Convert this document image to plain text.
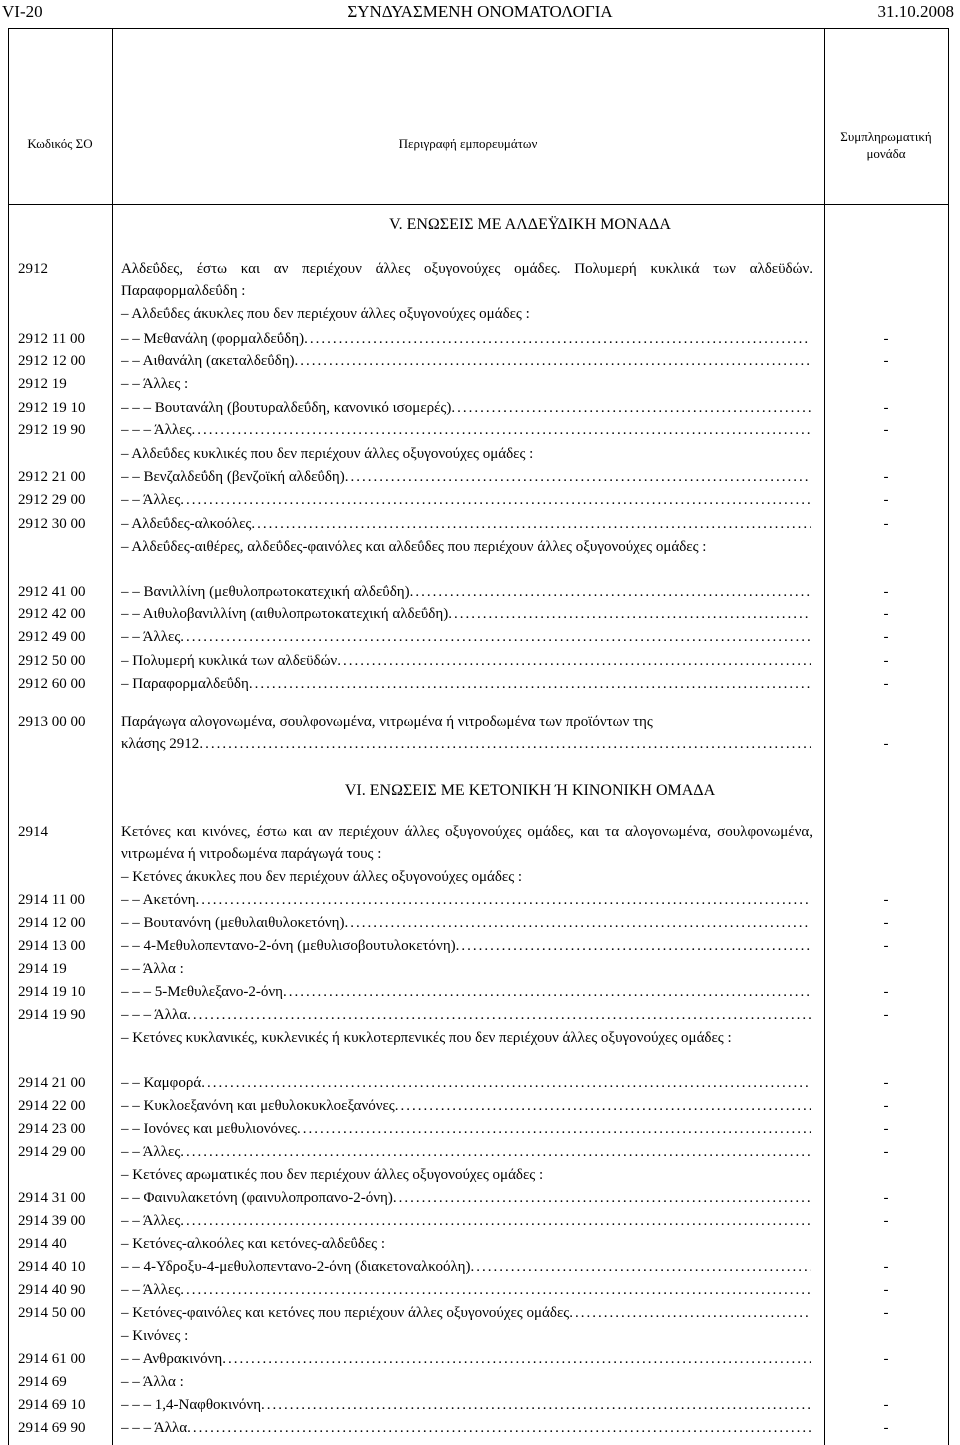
VI-20	ΣΥΝΔΥΑΣΜΕΝΗ ΟΝΟΜΑΤΟΛΟΓΙΑ	31.10.2008
Κωδικός ΣΟ	Περιγραφή εμπορευμάτων	Συμπληρωματική
μονάδα
V. ΕΝΩΣΕΙΣ ΜΕ ΑΛΔΕΫΔΙΚΗ ΜΟΝΑΔΑ
2912	Αλδεΰδες, έστω και αν περιέχουν άλλες οξυγονούχες ομάδες. Πολυμερή κυκλικά των αλδεϋδών. Παραφορμαλδεΰδη :
– Αλδεΰδες άκυκλες που δεν περιέχουν άλλες οξυγονούχες ομάδες :
2912 11 00	– – Μεθανάλη (φορμαλδεΰδη) .....	-
2912 12 00	– – Αιθανάλη (ακεταλδεΰδη) .....	-
2912 19	– – Άλλες :
2912 19 10	– – – Βουτανάλη (βουτυραλδεΰδη, κανονικό ισομερές) .....	-
2912 19 90	– – – Άλλες .....	-
– Αλδεΰδες κυκλικές που δεν περιέχουν άλλες οξυγονούχες ομάδες :
2912 21 00	– – Βενζαλδεΰδη (βενζοϊκή αλδεΰδη) .....	-
2912 29 00	– – Άλλες .....	-
2912 30 00	– Αλδεΰδες-αλκοόλες .....	-
– Αλδεΰδες-αιθέρες, αλδεΰδες-φαινόλες και αλδεΰδες που περιέχουν άλλες οξυγονούχες ομάδες :
2912 41 00	– – Βανιλλίνη (μεθυλοπρωτοκατεχική αλδεΰδη) .....	-
2912 42 00	– – Αιθυλοβανιλλίνη (αιθυλοπρωτοκατεχική αλδεΰδη) .....	-
2912 49 00	– – Άλλες .....	-
2912 50 00	– Πολυμερή κυκλικά των αλδεϋδών .....	-
2912 60 00	– Παραφορμαλδεΰδη .....	-
2913 00 00	Παράγωγα αλογονωμένα, σουλφονωμένα, νιτρωμένα ή νιτροδωμένα των προϊόντων της
κλάσης 2912 .....	-
VI. ΕΝΩΣΕΙΣ ΜΕ ΚΕΤΟΝΙΚΗ Ή ΚΙΝΟΝΙΚΗ ΟΜΑΔΑ
2914	Κετόνες και κινόνες, έστω και αν περιέχουν άλλες οξυγονούχες ομάδες, και τα αλογονωμένα, σουλφονωμένα, νιτρωμένα ή νιτροδωμένα παράγωγά τους :
– Κετόνες άκυκλες που δεν περιέχουν άλλες οξυγονούχες ομάδες :
2914 11 00	– – Ακετόνη .....	-
2914 12 00	– – Βουτανόνη (μεθυλαιθυλοκετόνη) .....	-
2914 13 00	– – 4-Μεθυλοπεντανο-2-όνη (μεθυλισοβουτυλοκετόνη) .....	-
2914 19	– – Άλλα :
2914 19 10	– – – 5-Μεθυλεξανο-2-όνη .....	-
2914 19 90	– – – Άλλα .....	-
– Κετόνες κυκλανικές, κυκλενικές ή κυκλοτερπενικές που δεν περιέχουν άλλες οξυγονούχες ομάδες :
2914 21 00	– – Καμφορά .....	-
2914 22 00	– – Κυκλοεξανόνη και μεθυλοκυκλοεξανόνες .....	-
2914 23 00	– – Ιονόνες και μεθυλιονόνες .....	-
2914 29 00	– – Άλλες .....	-
– Κετόνες αρωματικές που δεν περιέχουν άλλες οξυγονούχες ομάδες :
2914 31 00	– – Φαινυλακετόνη (φαινυλοπροπανο-2-όνη) .....	-
2914 39 00	– – Άλλες .....	-
2914 40	– Κετόνες-αλκοόλες και κετόνες-αλδεΰδες :
2914 40 10	– – 4-Υδροξυ-4-μεθυλοπεντανο-2-όνη (διακετοναλκοόλη) .....	-
2914 40 90	– – Άλλες .....	-
2914 50 00	– Κετόνες-φαινόλες και κετόνες που περιέχουν άλλες οξυγονούχες ομάδες .....	-
– Κινόνες :
2914 61 00	– – Ανθρακινόνη .....	-
2914 69	– – Άλλα :
2914 69 10	– – – 1,4-Ναφθοκινόνη .....	-
2914 69 90	– – – Άλλα .....	-
